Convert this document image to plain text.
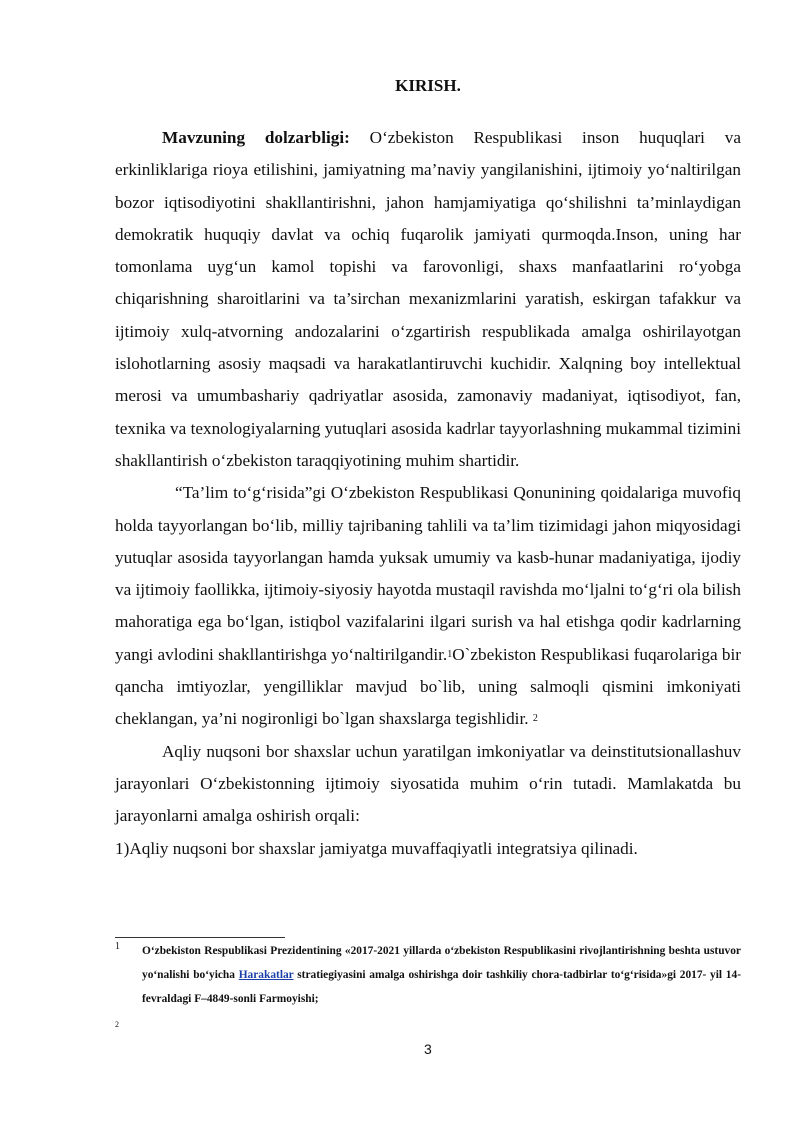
KIRISH.

Mavzuning dolzarbligi: O‘zbekiston Respublikasi inson huquqlari va erkinliklariga rioya etilishini, jamiyatning ma’naviy yangilanishini, ijtimoiy yo‘naltirilgan bozor iqtisodiyotini shakllantirishni, jahon hamjamiyatiga qo‘shilishni ta’minlaydigan demokratik huquqiy davlat va ochiq fuqarolik jamiyati qurmoqda.Inson, uning har tomonlama uyg‘un kamol topishi va farovonligi, shaxs manfaatlarini ro‘yobga chiqarishning sharoitlarini va ta’sirchan mexanizmlarini yaratish, eskirgan tafakkur va ijtimoiy xulq-atvorning andozalarini o‘zgartirish respublikada amalga oshirilayotgan islohotlarning asosiy maqsadi va harakatlantiruvchi kuchidir. Xalqning boy intellektual merosi va umumbashariy qadriyatlar asosida, zamonaviy madaniyat, iqtisodiyot, fan, texnika va texnologiyalarning yutuqlari asosida kadrlar tayyorlashning mukammal tizimini shakllantirish o‘zbekiston taraqqiyotining muhim shartidir.

“Ta’lim to‘g‘risida”gi O‘zbekiston Respublikasi Qonunining qoidalariga muvofiq holda tayyorlangan bo‘lib, milliy tajribaning tahlili va ta’lim tizimidagi jahon miqyosidagi yutuqlar asosida tayyorlangan hamda yuksak umumiy va kasb-hunar madaniyatiga, ijodiy va ijtimoiy faollikka, ijtimoiy-siyosiy hayotda mustaqil ravishda mo‘ljalni to‘g‘ri ola bilish mahoratiga ega bo‘lgan, istiqbol vazifalarini ilgari surish va hal etishga qodir kadrlarning yangi avlodini shakllantirishga yo‘naltirilgandir.$^1$O`zbekiston Respublikasi fuqarolariga bir qancha imtiyozlar, yengilliklar mavjud bo`lib, uning salmoqli qismini imkoniyati cheklangan, ya’ni nogironligi bo`lgan shaxslarga tegishlidir. $^2$

Aqliy nuqsoni bor shaxslar uchun yaratilgan imkoniyatlar va deinstitutsionallashuv jarayonlari O‘zbekistonning ijtimoiy siyosatida muhim o‘rin tutadi. Mamlakatda bu jarayonlarni amalga oshirish orqali:

1)Aqliy nuqsoni bor shaxslar jamiyatga muvaffaqiyatli integratsiya qilinadi.

1 O‘zbekiston Respublikasi Prezidentining «2017-2021 yillarda o‘zbekiston Respublikasini rivojlantirishning beshta ustuvor yo‘nalishi bo‘yicha Harakatlar stratiegiyasini amalga oshirishga doir tashkiliy chora-tadbirlar to‘g‘risida»gi 2017- yil 14- fevraldagi F–4849-sonli Farmoyishi;
2
3
